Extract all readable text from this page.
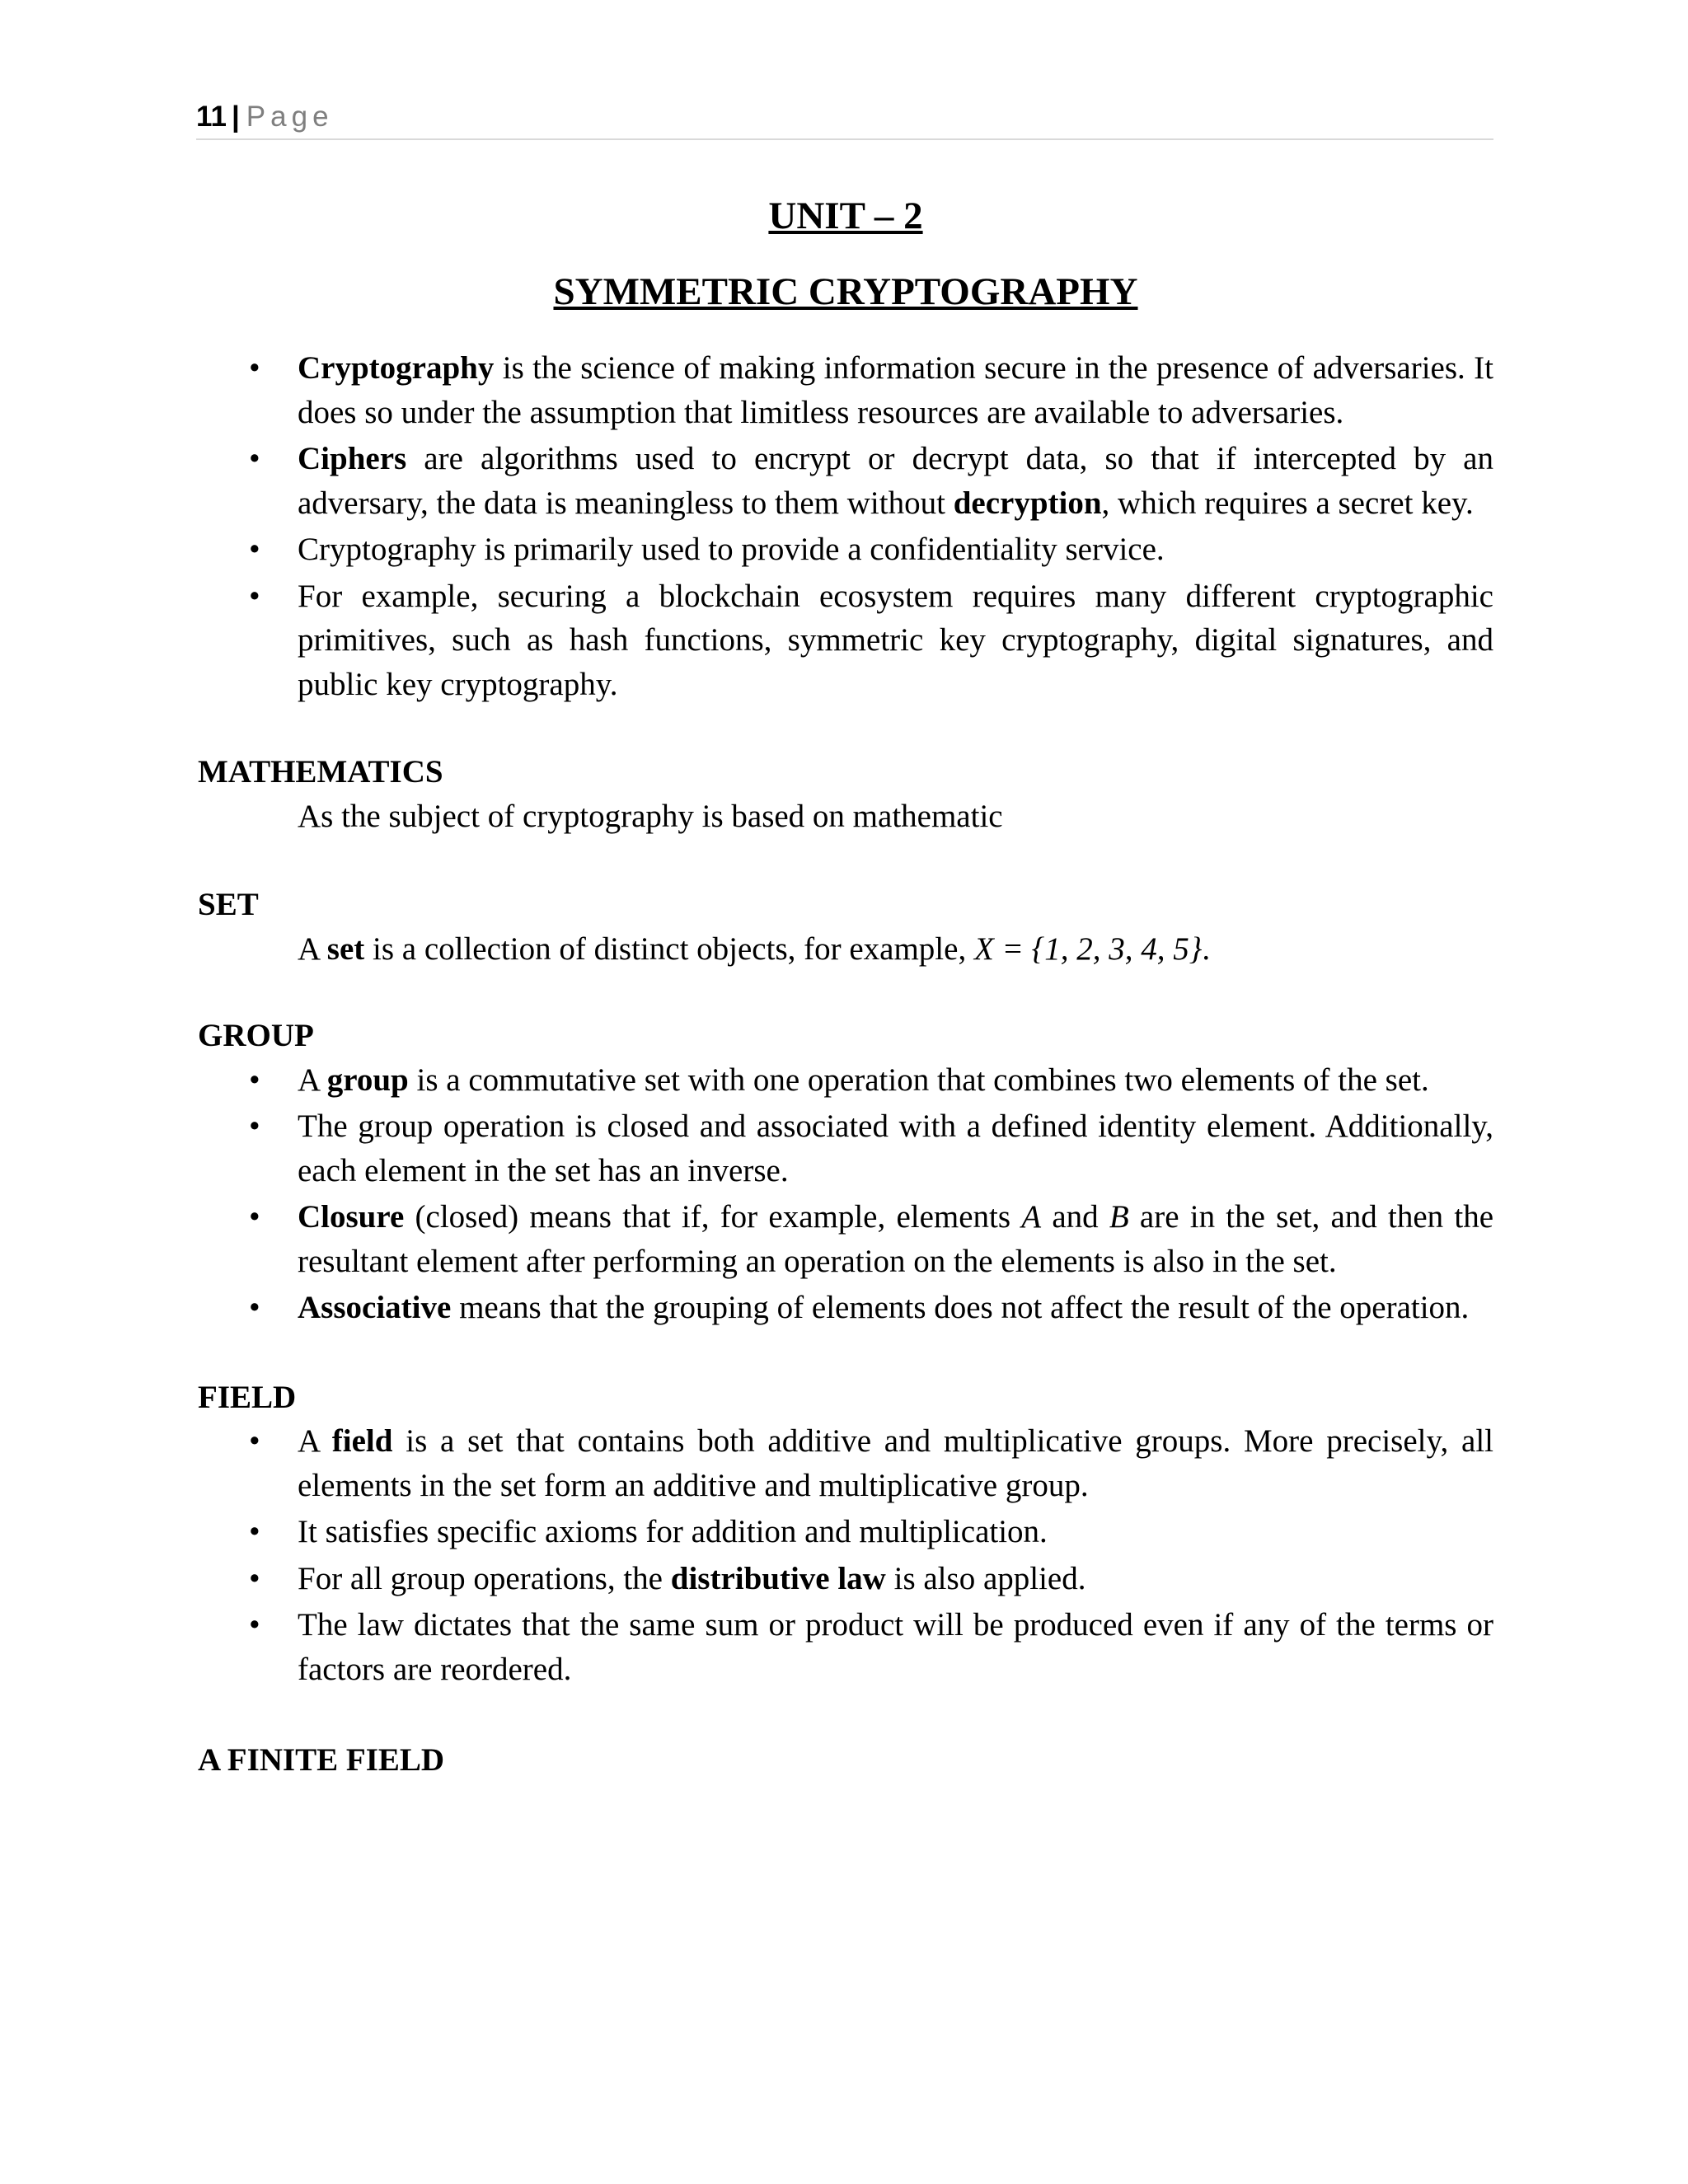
11 | Page

UNIT – 2

SYMMETRIC CRYPTOGRAPHY

• Cryptography is the science of making information secure in the presence of adversaries. It does so under the assumption that limitless resources are available to adversaries.
• Ciphers are algorithms used to encrypt or decrypt data, so that if intercepted by an adversary, the data is meaningless to them without decryption, which requires a secret key.
• Cryptography is primarily used to provide a confidentiality service.
• For example, securing a blockchain ecosystem requires many different cryptographic primitives, such as hash functions, symmetric key cryptography, digital signatures, and public key cryptography.

MATHEMATICS

As the subject of cryptography is based on mathematic

SET

A set is a collection of distinct objects, for example, X = {1, 2, 3, 4, 5}.

GROUP

• A group is a commutative set with one operation that combines two elements of the set.
• The group operation is closed and associated with a defined identity element. Additionally, each element in the set has an inverse.
• Closure (closed) means that if, for example, elements A and B are in the set, and then the resultant element after performing an operation on the elements is also in the set.
• Associative means that the grouping of elements does not affect the result of the operation.

FIELD

• A field is a set that contains both additive and multiplicative groups. More precisely, all elements in the set form an additive and multiplicative group.
• It satisfies specific axioms for addition and multiplication.
• For all group operations, the distributive law is also applied.
• The law dictates that the same sum or product will be produced even if any of the terms or factors are reordered.

A FINITE FIELD
